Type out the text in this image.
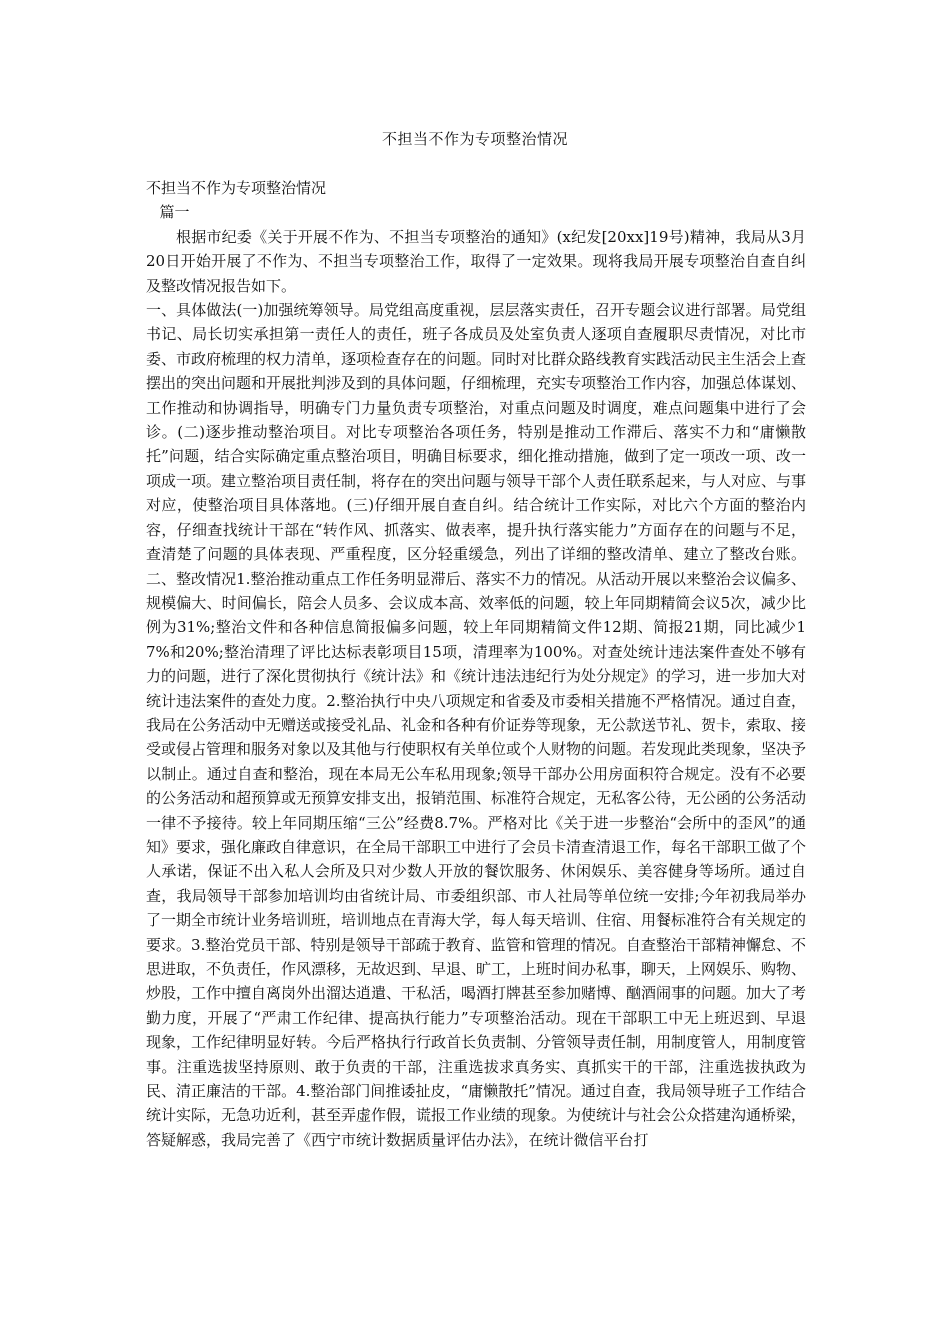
不担当不作为专项整治情况

不担当不作为专项整治情况

篇一

根据市纪委《关于开展不作为、不担当专项整治的通知》(x纪发[20xx]19号)精神，我局从3月20日开始开展了不作为、不担当专项整治工作，取得了一定效果。现将我局开展专项整治自查自纠及整改情况报告如下。

一、具体做法(一)加强统筹领导。局党组高度重视，层层落实责任，召开专题会议进行部署。局党组书记、局长切实承担第一责任人的责任，班子各成员及处室负责人逐项自查履职尽责情况，对比市委、市政府梳理的权力清单，逐项检查存在的问题。同时对比群众路线教育实践活动民主生活会上查摆出的突出问题和开展批判涉及到的具体问题，仔细梳理，充实专项整治工作内容，加强总体谋划、工作推动和协调指导，明确专门力量负责专项整治，对重点问题及时调度，难点问题集中进行了会诊。(二)逐步推动整治项目。对比专项整治各项任务，特别是推动工作滞后、落实不力和“庸懒散托”问题，结合实际确定重点整治项目，明确目标要求，细化推动措施，做到了定一项改一项、改一项成一项。建立整治项目责任制，将存在的突出问题与领导干部个人责任联系起来，与人对应、与事对应，使整治项目具体落地。(三)仔细开展自查自纠。结合统计工作实际，对比六个方面的整治内容，仔细查找统计干部在“转作风、抓落实、做表率，提升执行落实能力”方面存在的问题与不足，查清楚了问题的具体表现、严重程度，区分轻重缓急，列出了详细的整改清单、建立了整改台账。二、整改情况1.整治推动重点工作任务明显滞后、落实不力的情况。从活动开展以来整治会议偏多、规模偏大、时间偏长，陪会人员多、会议成本高、效率低的问题，较上年同期精简会议5次，减少比例为31%;整治文件和各种信息简报偏多问题，较上年同期精简文件12期、简报21期，同比减少17%和20%;整治清理了评比达标表彰项目15项，清理率为100%。对查处统计违法案件查处不够有力的问题，进行了深化贯彻执行《统计法》和《统计违法违纪行为处分规定》的学习，进一步加大对统计违法案件的查处力度。2.整治执行中央八项规定和省委及市委相关措施不严格情况。通过自查，我局在公务活动中无赠送或接受礼品、礼金和各种有价证券等现象，无公款送节礼、贺卡，索取、接受或侵占管理和服务对象以及其他与行使职权有关单位或个人财物的问题。若发现此类现象，坚决予以制止。通过自查和整治，现在本局无公车私用现象;领导干部办公用房面积符合规定。没有不必要的公务活动和超预算或无预算安排支出，报销范围、标准符合规定，无私客公待，无公函的公务活动一律不予接待。较上年同期压缩“三公”经费8.7%。严格对比《关于进一步整治“会所中的歪风”的通知》要求，强化廉政自律意识，在全局干部职工中进行了会员卡清查清退工作，每名干部职工做了个人承诺，保证不出入私人会所及只对少数人开放的餐饮服务、休闲娱乐、美容健身等场所。通过自查，我局领导干部参加培训均由省统计局、市委组织部、市人社局等单位统一安排;今年初我局举办了一期全市统计业务培训班，培训地点在青海大学，每人每天培训、住宿、用餐标准符合有关规定的要求。3.整治党员干部、特别是领导干部疏于教育、监管和管理的情况。自查整治干部精神懈怠、不思进取，不负责任，作风漂移，无故迟到、早退、旷工，上班时间办私事，聊天，上网娱乐、购物、炒股，工作中擅自离岗外出溜达逍遣、干私活，喝酒打牌甚至参加赌博、酗酒闹事的问题。加大了考勤力度，开展了“严肃工作纪律、提高执行能力”专项整治活动。现在干部职工中无上班迟到、早退现象，工作纪律明显好转。今后严格执行行政首长负责制、分管领导责任制，用制度管人，用制度管事。注重选拔坚持原则、敢于负责的干部，注重选拔求真务实、真抓实干的干部，注重选拔执政为民、清正廉洁的干部。4.整治部门间推诿扯皮，“庸懒散托”情况。通过自查，我局领导班子工作结合统计实际，无急功近利，甚至弄虚作假，谎报工作业绩的现象。为使统计与社会公众搭建沟通桥梁，答疑解惑，我局完善了《西宁市统计数据质量评估办法》，在统计微信平台打
